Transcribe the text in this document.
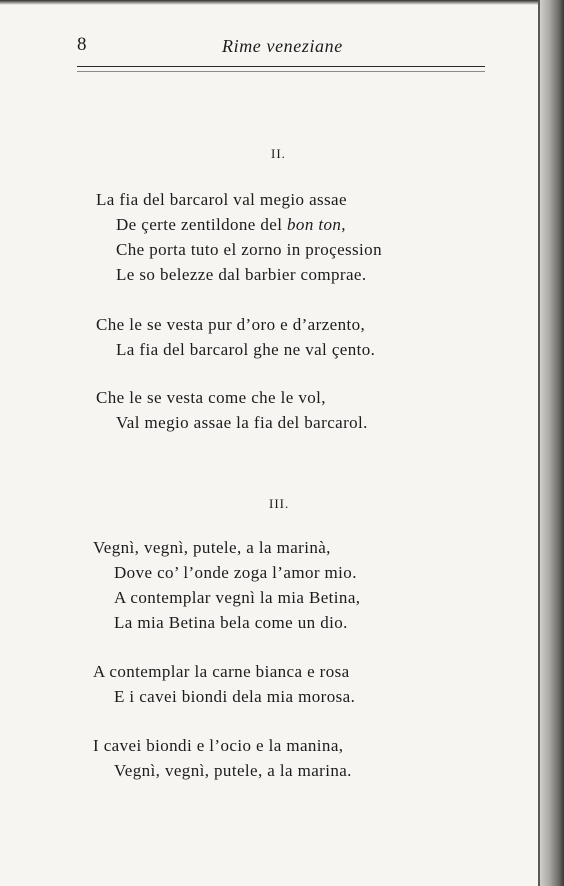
8	Rime veneziane
II.
La fia del barcarol val megio assae
De çerte zentildone del bon ton,
Che porta tuto el zorno in proçession
Le so belezze dal barbier comprae.
Che le se vesta pur d’oro e d’arzento,
La fia del barcarol ghe ne val çento.
Che le se vesta come che le vol,
Val megio assae la fia del barcarol.
III.
Vegnì, vegnì, putele, a la marinà,
Dove co’ l’onde zoga l’amor mio.
A contemplar vegnì la mia Betina,
La mia Betina bela come un dio.
A contemplar la carne bianca e rosa
E i cavei biondi dela mia morosa.
I cavei biondi e l’ocio e la manina,
Vegnì, vegnì, putele, a la marina.
